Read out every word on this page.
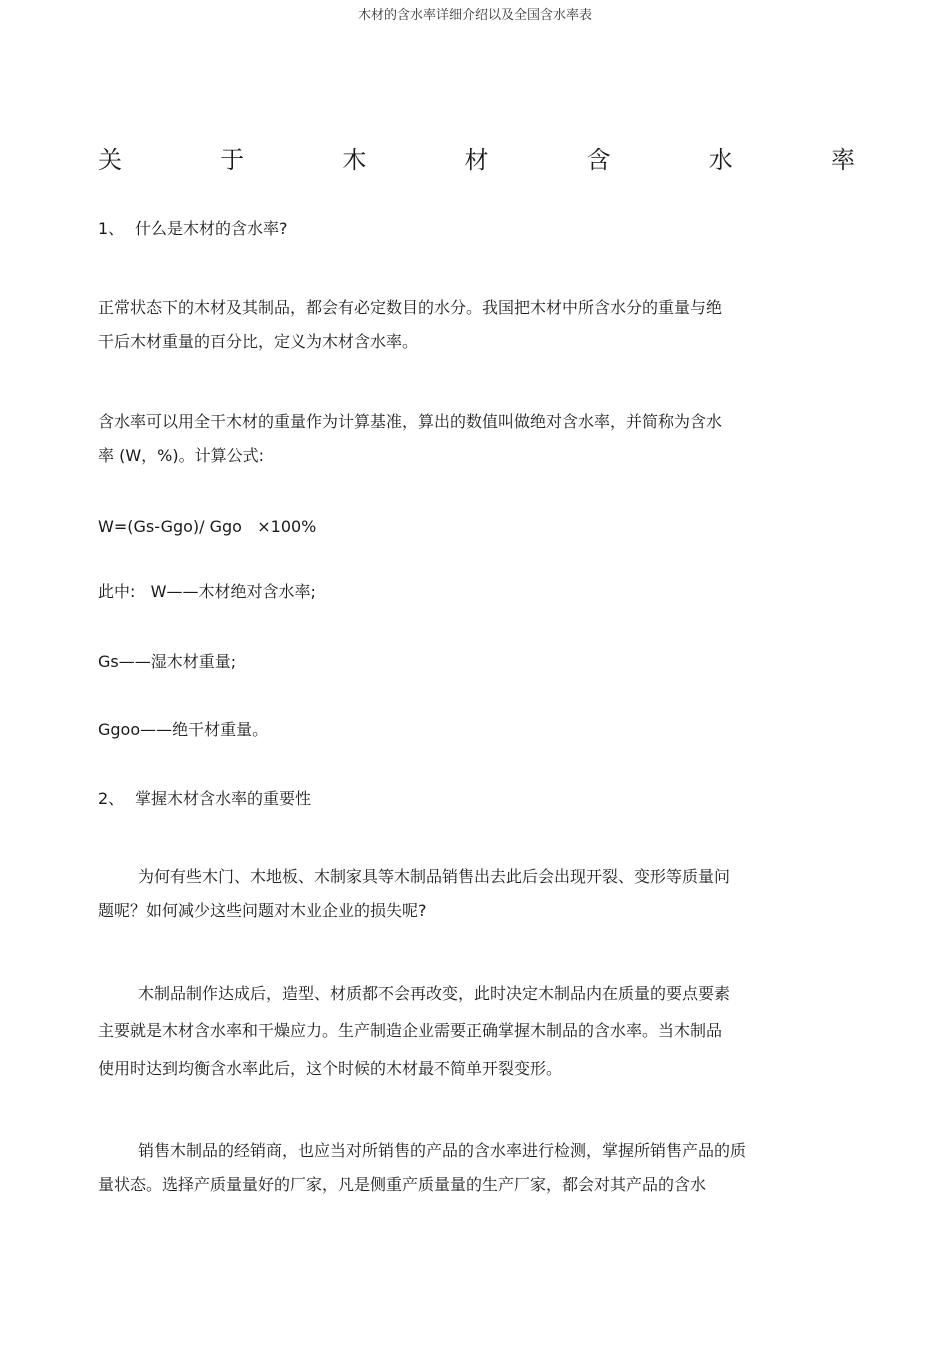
木材的含水率详细介绍以及全国含水率表
关	于	木	材	含	水	率
1、 什么是木材的含水率?
正常状态下的木材及其制品，都会有必定数目的水分。我国把木材中所含水分的重量与绝
干后木材重量的百分比，定义为木材含水率。
含水率可以用全干木材的重量作为计算基准，算出的数值叫做绝对含水率，并简称为含水
率 (W，%)。计算公式:
W=(Gs-Ggo)/ Ggo   ×100%
此中:   W——木材绝对含水率;
Gs——湿木材重量;
Ggoo——绝干材重量。
2、 掌握木材含水率的重要性
为何有些木门、木地板、木制家具等木制品销售出去此后会出现开裂、变形等质量问
题呢？如何减少这些问题对木业企业的损失呢?
木制品制作达成后，造型、材质都不会再改变，此时决定木制品内在质量的要点要素
主要就是木材含水率和干燥应力。生产制造企业需要正确掌握木制品的含水率。当木制品
使用时达到均衡含水率此后，这个时候的木材最不简单开裂变形。
销售木制品的经销商，也应当对所销售的产品的含水率进行检测，掌握所销售产品的质
量状态。选择产质量量好的厂家，凡是侧重产质量量的生产厂家，都会对其产品的含水
